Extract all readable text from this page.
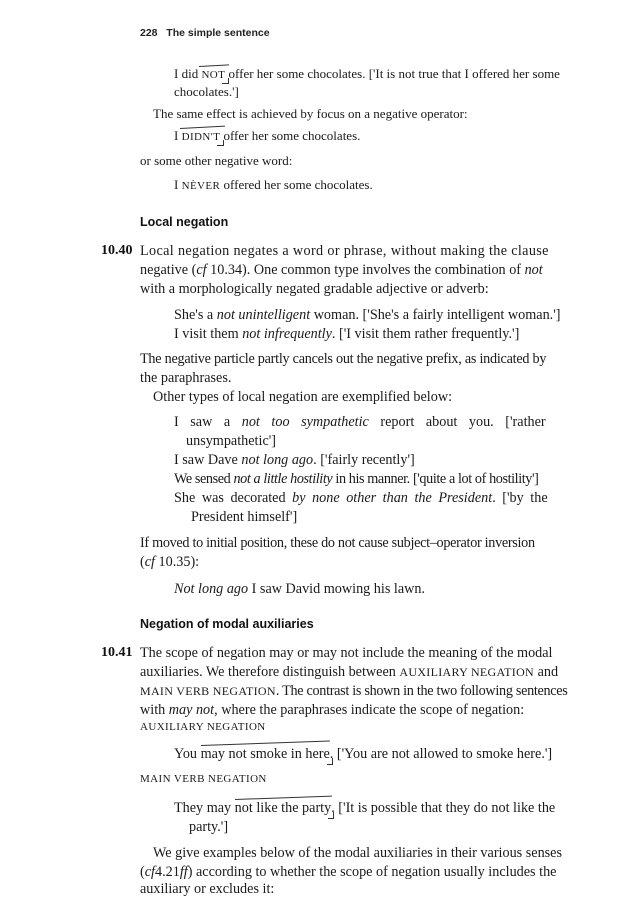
228 The simple sentence
I did NOT offer her some chocolates. ['It is not true that I offered her some
chocolates.']
The same effect is achieved by focus on a negative operator:
I DIDN'T offer her some chocolates.
or some other negative word:
I NÈVER offered her some chocolates.
Local negation
10.40 Local negation negates a word or phrase, without making the clause
negative (cf 10.34). One common type involves the combination of not
with a morphologically negated gradable adjective or adverb:
She's a not unintelligent woman. ['She's a fairly intelligent woman.']
I visit them not infrequently. ['I visit them rather frequently.']
The negative particle partly cancels out the negative prefix, as indicated by
the paraphrases.
Other types of local negation are exemplified below:
I saw a not too sympathetic report about you. ['rather
unsympathetic']
I saw Dave not long ago. ['fairly recently']
We sensed not a little hostility in his manner. ['quite a lot of hostility']
She was decorated by none other than the President. ['by the
President himself']
If moved to initial position, these do not cause subject–operator inversion
(cf 10.35):
Not long ago I saw David mowing his lawn.
Negation of modal auxiliaries
10.41 The scope of negation may or may not include the meaning of the modal
auxiliaries. We therefore distinguish between AUXILIARY NEGATION and
MAIN VERB NEGATION. The contrast is shown in the two following sentences
with may not, where the paraphrases indicate the scope of negation:
AUXILIARY NEGATION
You may not smoke in here. ['You are not allowed to smoke here.']
MAIN VERB NEGATION
They may not like the party. ['It is possible that they do not like the
party.']
We give examples below of the modal auxiliaries in their various senses
(cf4.21ff) according to whether the scope of negation usually includes the
auxiliary or excludes it:
